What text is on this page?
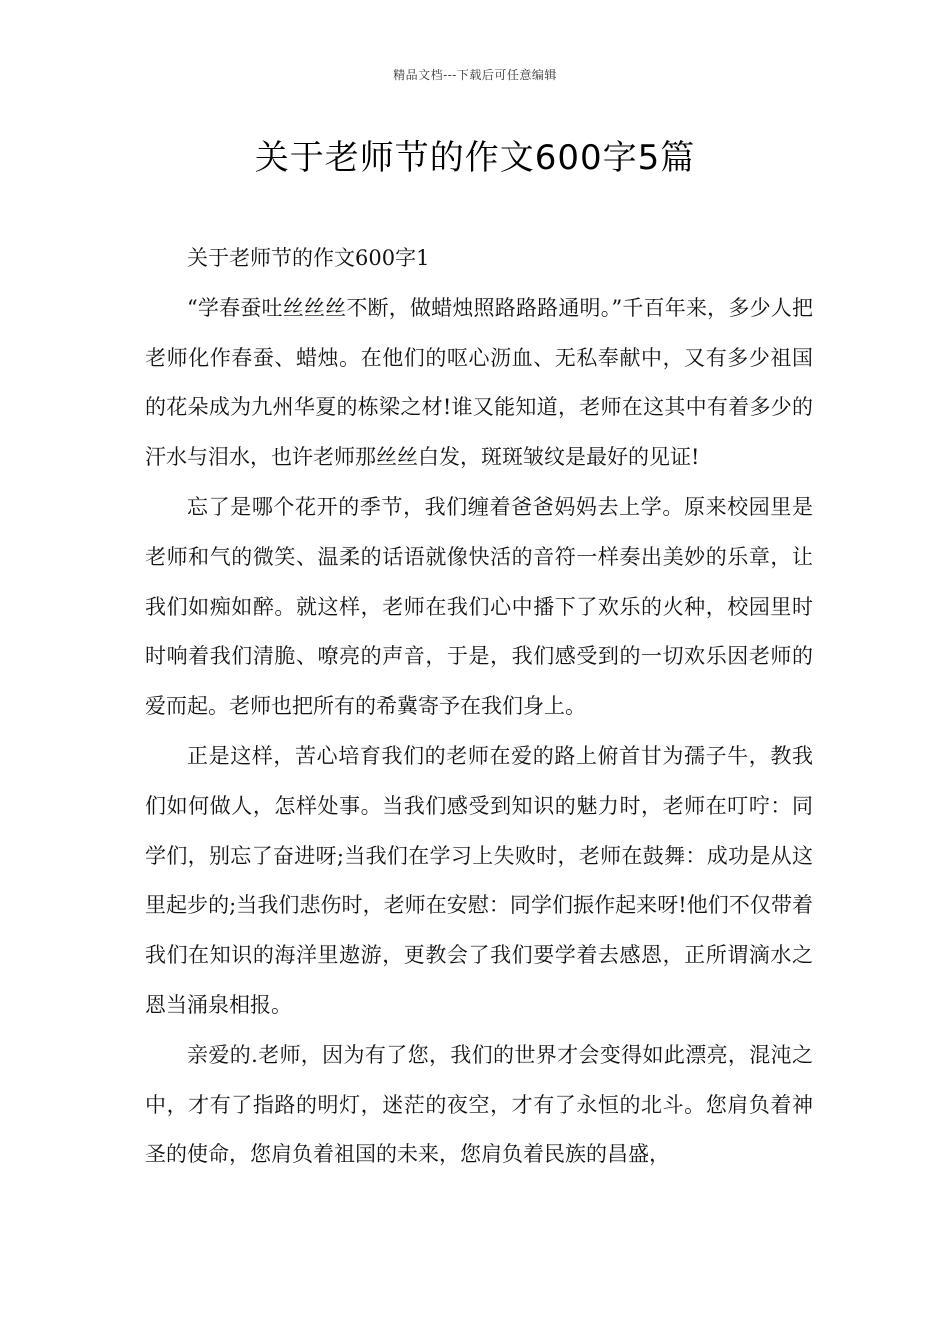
精品文档---下载后可任意编辑
关于老师节的作文600字5篇

关于老师节的作文600字1

“学春蚕吐丝丝丝不断，做蜡烛照路路路通明。”千百年来，多少人把老师化作春蚕、蜡烛。在他们的呕心沥血、无私奉献中，又有多少祖国的花朵成为九州华夏的栋梁之材!谁又能知道，老师在这其中有着多少的汗水与泪水，也许老师那丝丝白发，斑斑皱纹是最好的见证!

忘了是哪个花开的季节，我们缠着爸爸妈妈去上学。原来校园里是老师和气的微笑、温柔的话语就像快活的音符一样奏出美妙的乐章，让我们如痴如醉。就这样，老师在我们心中播下了欢乐的火种，校园里时时响着我们清脆、嘹亮的声音，于是，我们感受到的一切欢乐因老师的爱而起。老师也把所有的希冀寄予在我们身上。

正是这样，苦心培育我们的老师在爱的路上俯首甘为孺子牛，教我们如何做人，怎样处事。当我们感受到知识的魅力时，老师在叮咛：同学们，别忘了奋进呀;当我们在学习上失败时，老师在鼓舞：成功是从这里起步的;当我们悲伤时，老师在安慰：同学们振作起来呀!他们不仅带着我们在知识的海洋里遨游，更教会了我们要学着去感恩，正所谓滴水之恩当涌泉相报。

亲爱的.老师，因为有了您，我们的世界才会变得如此漂亮，混沌之中，才有了指路的明灯，迷茫的夜空，才有了永恒的北斗。您肩负着神圣的使命，您肩负着祖国的未来，您肩负着民族的昌盛，
